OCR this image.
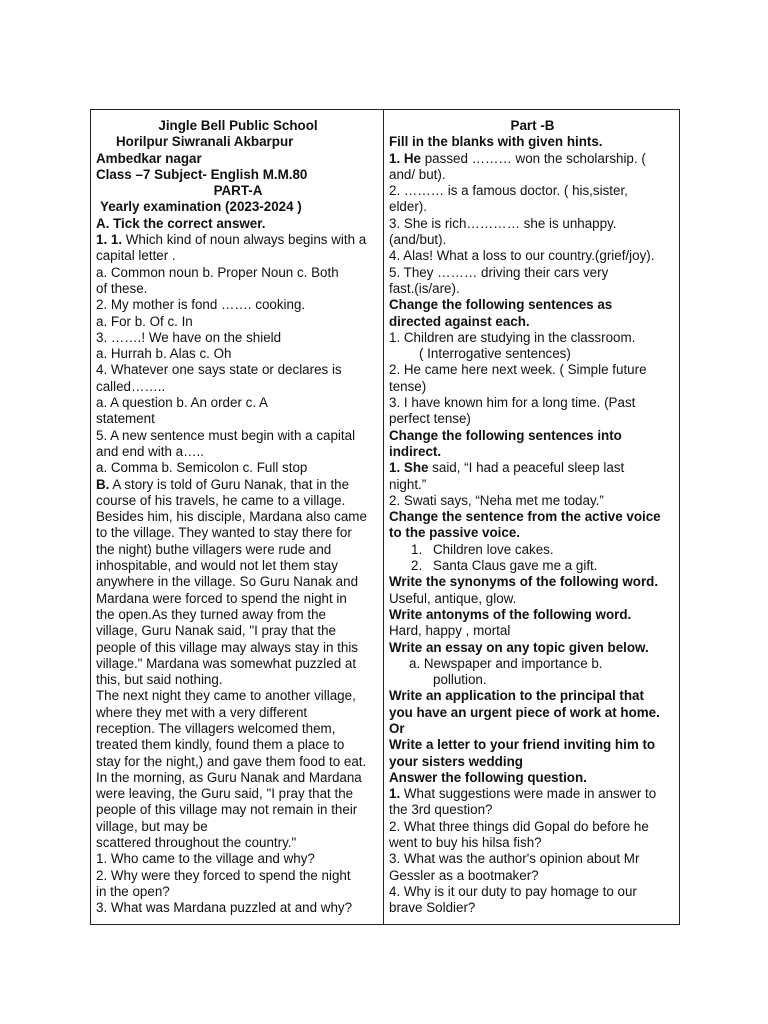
Jingle Bell Public School
Horilpur Siwranali Akbarpur
Ambedkar nagar
Class –7 Subject- English M.M.80
PART-A
Yearly examination (2023-2024 )
A. Tick the correct answer.
1. 1. Which kind of noun always begins with a
capital letter .
a. Common noun b. Proper Noun c. Both
of these.
2. My mother is fond ……. cooking.
a. For b. Of c. In
3. …….! We have on the shield
a. Hurrah b. Alas c. Oh
4. Whatever one says state or declares is
called……..
a. A question b. An order c. A
statement
5. A new sentence must begin with a capital
and end with a…..
a. Comma b. Semicolon c. Full stop
B. A story is told of Guru Nanak, that in the
course of his travels, he came to a village.
Besides him, his disciple, Mardana also came
to the village. They wanted to stay there for
the night) buthe villagers were rude and
inhospitable, and would not let them stay
anywhere in the village. So Guru Nanak and
Mardana were forced to spend the night in
the open.As they turned away from the
village, Guru Nanak said, "I pray that the
people of this village may always stay in this
village." Mardana was somewhat puzzled at
this, but said nothing.
The next night they came to another village,
where they met with a very different
reception. The villagers welcomed them,
treated them kindly, found them a place to
stay for the night,) and gave them food to eat.
In the morning, as Guru Nanak and Mardana
were leaving, the Guru said, "I pray that the
people of this village may not remain in their
village, but may be
scattered throughout the country."
1. Who came to the village and why?
2. Why were they forced to spend the night
in the open?
3. What was Mardana puzzled at and why?
Part -B
Fill in the blanks with given hints.
1. He passed ……… won the scholarship. (
and/ but).
2. ……… is a famous doctor. ( his,sister,
elder).
3. She is rich………… she is unhappy.
(and/but).
4. Alas! What a loss to our country.(grief/joy).
5. They ……… driving their cars very
fast.(is/are).
Change the following sentences as
directed against each.
1. Children are studying in the classroom.
( Interrogative sentences)
2. He came here next week. ( Simple future
tense)
3. I have known him for a long time. (Past
perfect tense)
Change the following sentences into
indirect.
1. She said, “I had a peaceful sleep last
night.”
2. Swati says, “Neha met me today.”
Change the sentence from the active voice
to the passive voice.
1. Children love cakes.
2. Santa Claus gave me a gift.
Write the synonyms of the following word.
Useful, antique, glow.
Write antonyms of the following word.
Hard, happy , mortal
Write an essay on any topic given below.
a. Newspaper and importance b.
pollution.
Write an application to the principal that
you have an urgent piece of work at home.
Or
Write a letter to your friend inviting him to
your sisters wedding
Answer the following question.
1. What suggestions were made in answer to
the 3rd question?
2. What three things did Gopal do before he
went to buy his hilsa fish?
3. What was the author's opinion about Mr
Gessler as a bootmaker?
4. Why is it our duty to pay homage to our
brave Soldier?
